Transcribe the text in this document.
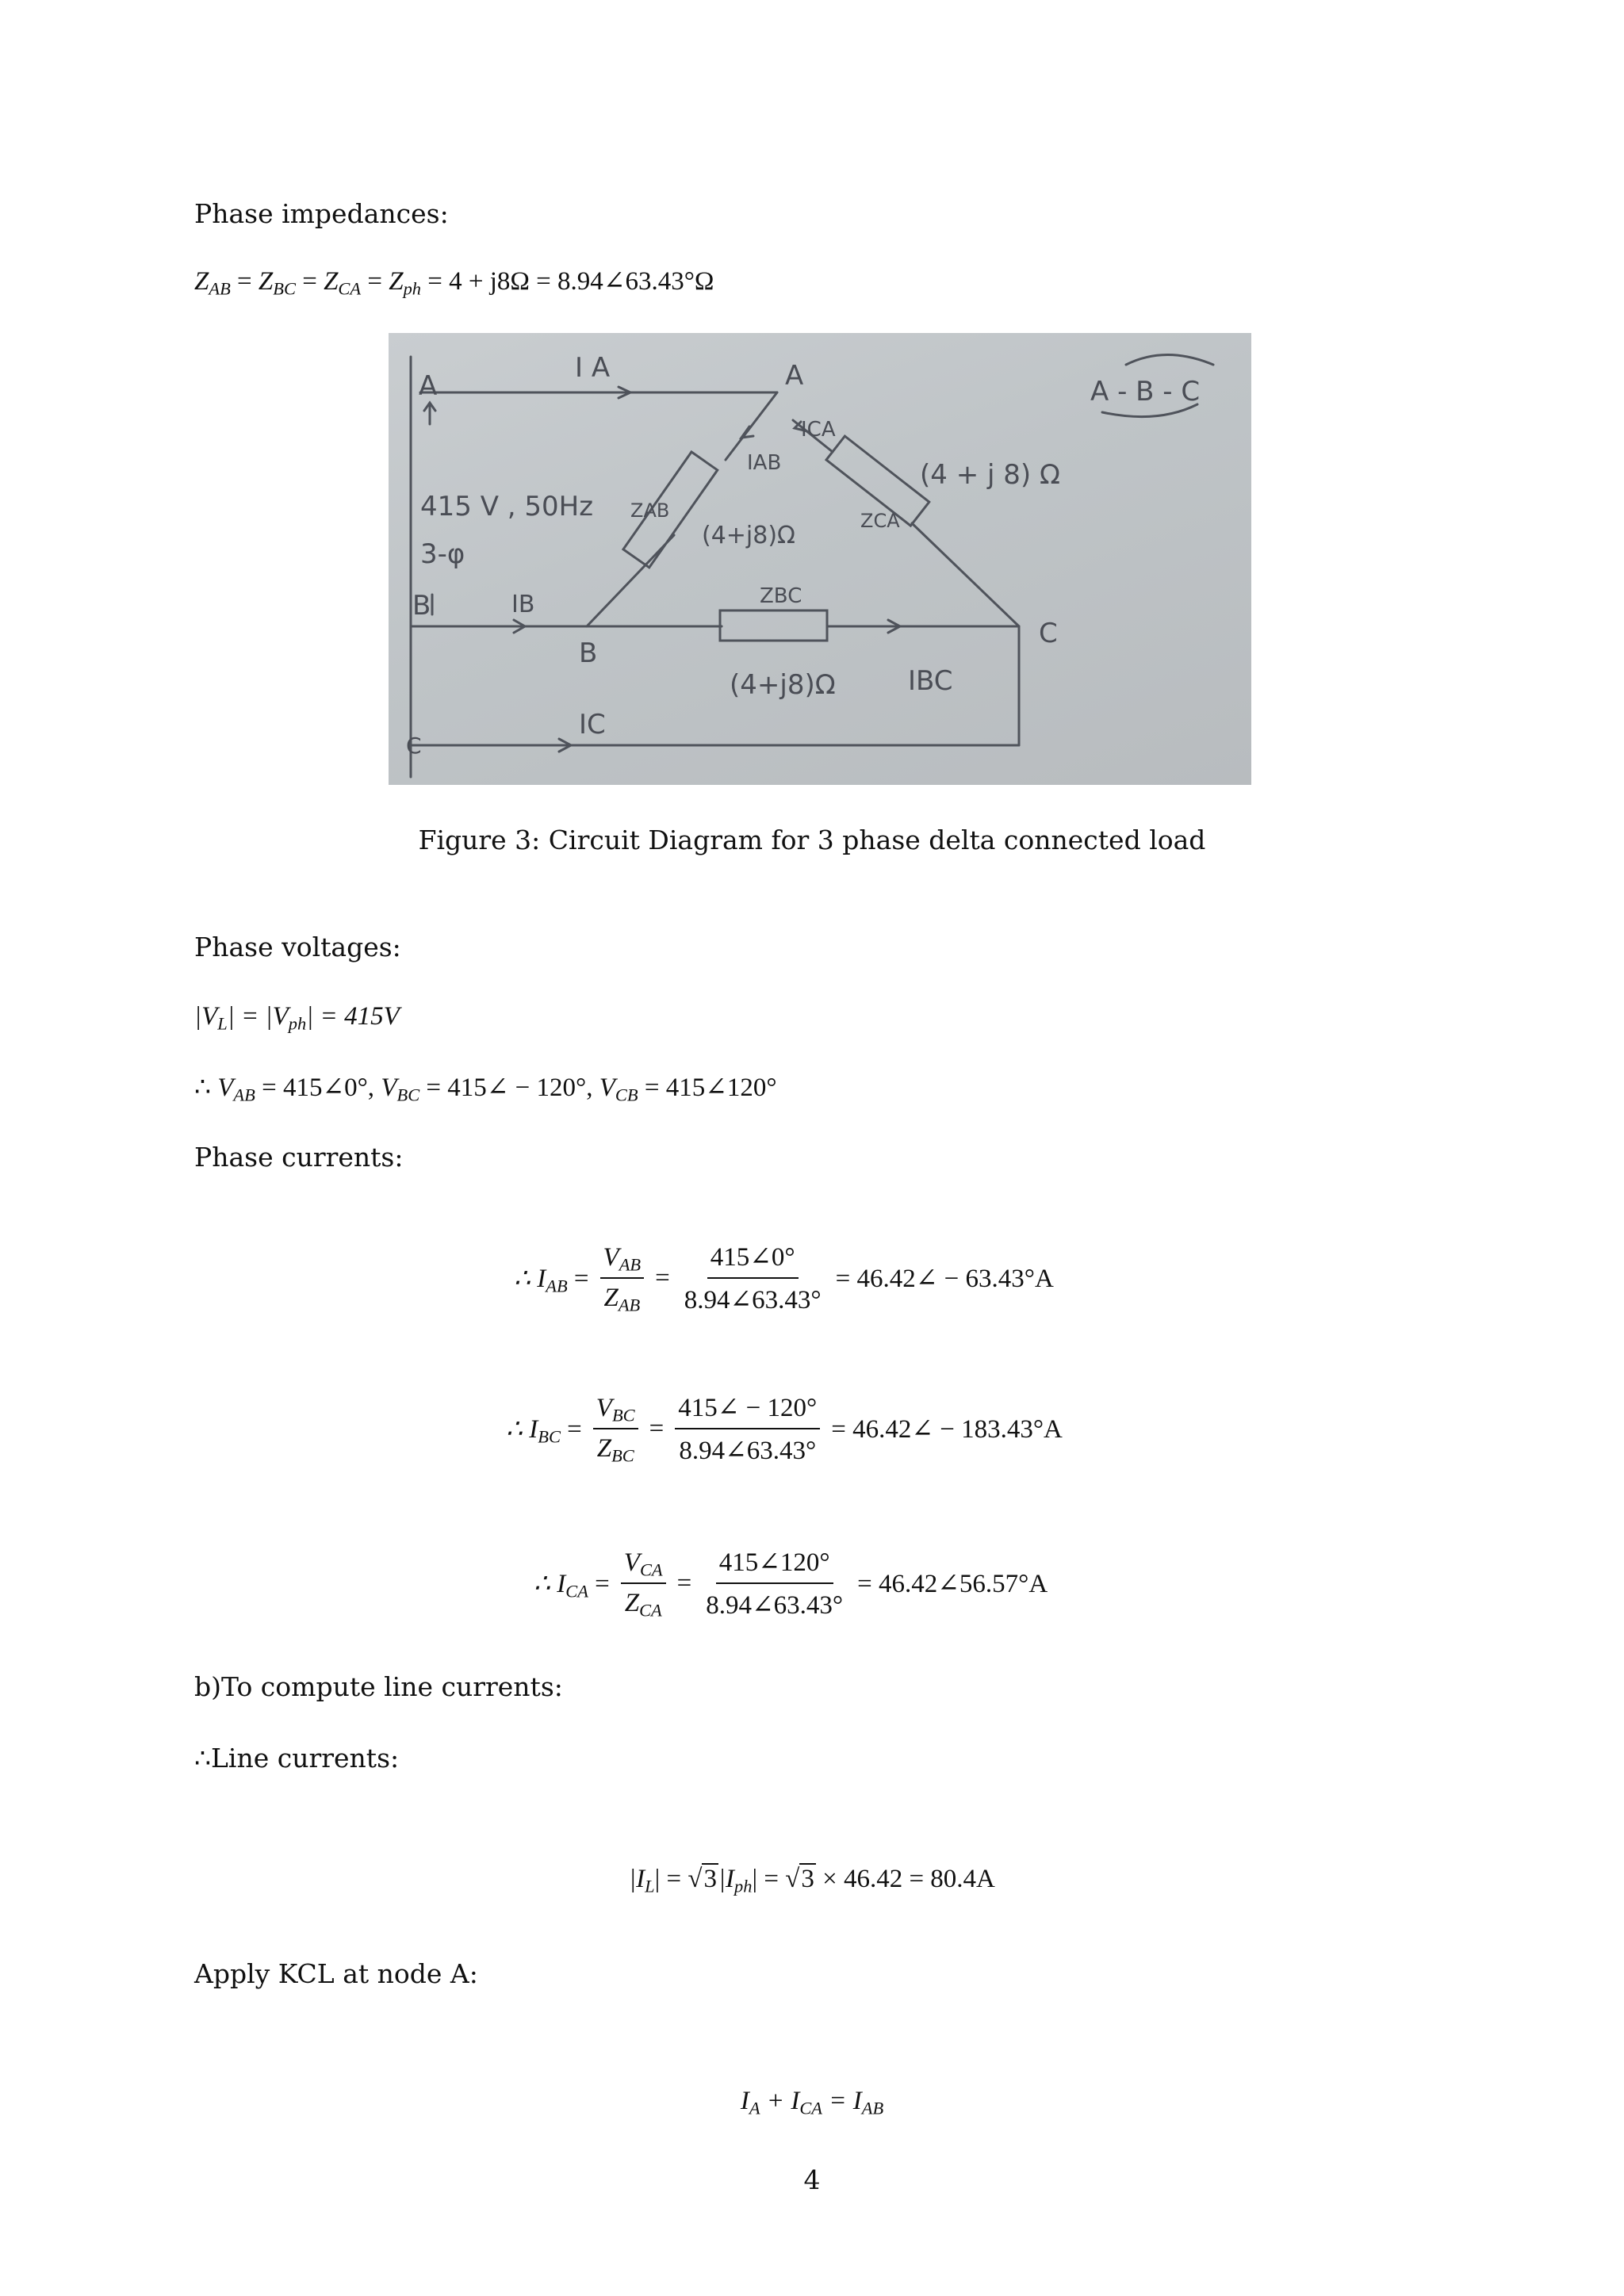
Phase impedances:
$Z_{AB} = Z_{BC} = Z_{CA} = Z_{ph} = 4 + j8\Omega$ = 8.94∠63.43°Ω
A
I A	A	A - B - C
ICA
IAB	(4 + j 8) Ω
415 V , 50Hz
3-φ
ZAB
(4+j8)Ω
ZCA
B	IB	ZBC
B
C
(4+j8)Ω	IBC
C
IC
Figure 3: Circuit Diagram for 3 phase delta connected load
Phase voltages:
$|V_L| = |V_{ph}| = 415V$
∴ $V_{AB}$ = 415∠0°, $V_{BC}$ = 415∠ − 120°, $V_{CB}$ = 415∠120°
Phase currents:
∴ $I_{AB} = \frac{V_{AB}}{Z_{AB}} = \frac{415\angle 0^\circ}{8.94\angle 63.43^\circ}$ = 46.42∠ − 63.43°A
∴ $I_{BC} = \frac{V_{BC}}{Z_{BC}} = \frac{415\angle - 120^\circ}{8.94\angle 63.43^\circ}$ = 46.42∠ − 183.43°A
∴ $I_{CA} = \frac{V_{CA}}{Z_{CA}} = \frac{415\angle 120^\circ}{8.94\angle 63.43^\circ}$ = 46.42∠56.57°A
b)To compute line currents:
∴Line currents:
$|I_L| = √3|I_{ph}| = √3 \times 46.42 = 80.4A$
Apply KCL at node A:
$I_A + I_{CA} = I_{AB}$
4
